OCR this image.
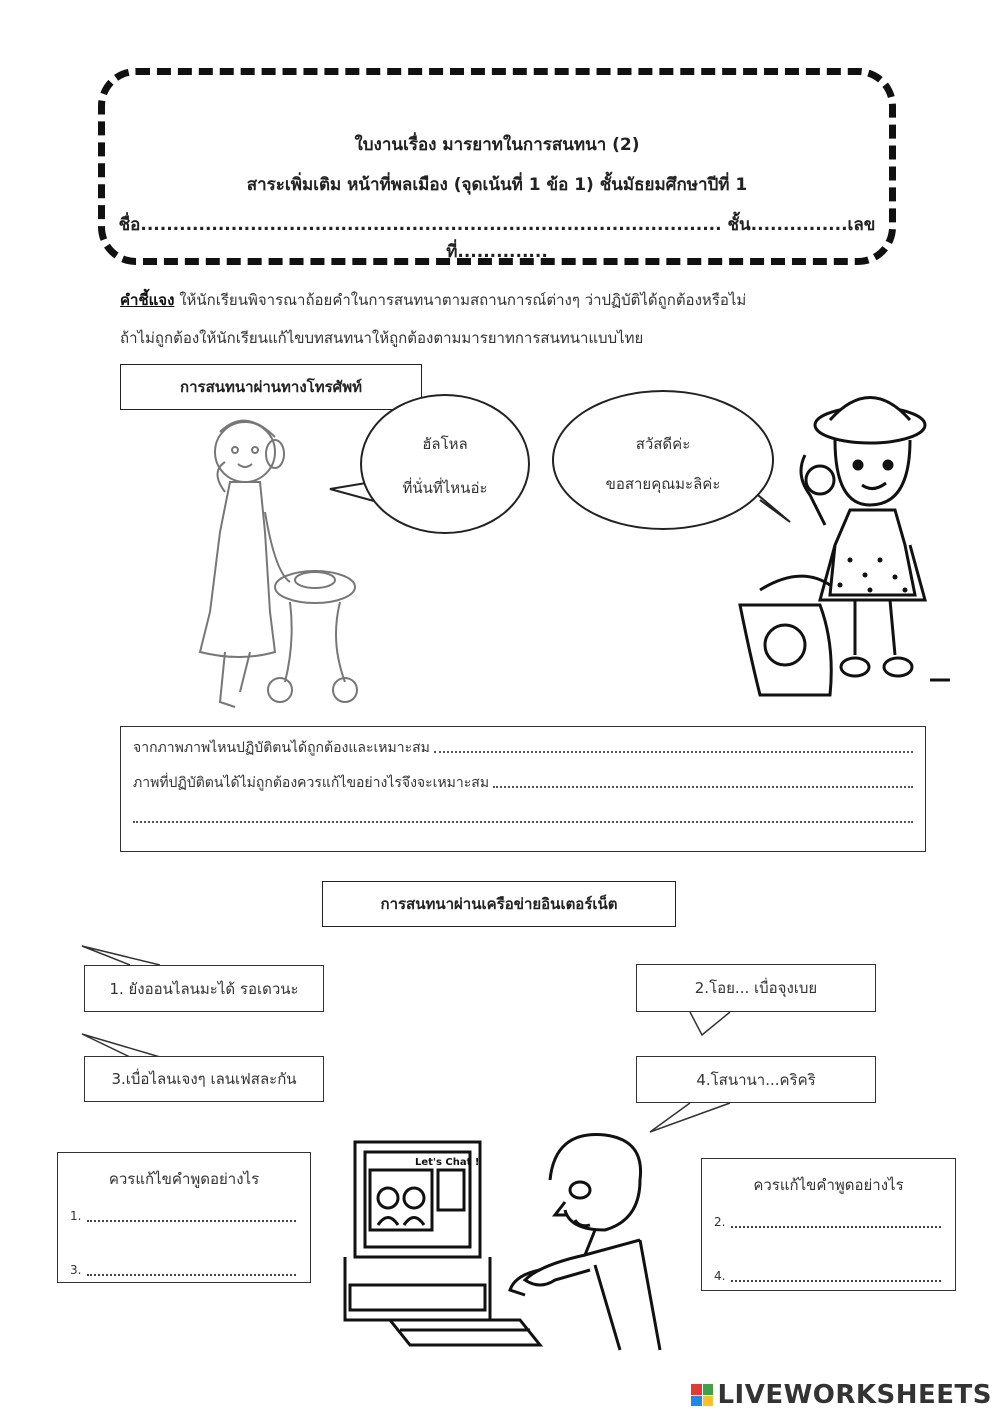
ใบงานเรื่อง มารยาทในการสนทนา (2)
สาระเพิ่มเติม หน้าที่พลเมือง (จุดเน้นที่ 1 ข้อ 1) ชั้นมัธยมศึกษาปีที่ 1
ชื่อ.......................................................................................... ชั้น...............เลขที่..............
คำชี้แจง ให้นักเรียนพิจารณาถ้อยคำในการสนทนาตามสถานการณ์ต่างๆ ว่าปฏิบัติได้ถูกต้องหรือไม่
ถ้าไม่ถูกต้องให้นักเรียนแก้ไขบทสนทนาให้ถูกต้องตามมารยาทการสนทนาแบบไทย
การสนทนาผ่านทางโทรศัพท์
ฮัลโหล
ที่นั่นที่ไหนอ่ะ
สวัสดีค่ะ
ขอสายคุณมะลิค่ะ
จากภาพภาพไหนปฏิบัติตนได้ถูกต้องและเหมาะสม
ภาพที่ปฏิบัติตนได้ไม่ถูกต้องควรแก้ไขอย่างไรจึงจะเหมาะสม
การสนทนาผ่านเครือข่ายอินเตอร์เน็ต
1. ยังออนไลนมะได้ รอเดวนะ	2.โอย... เบื่อจุงเบย
3.เบื่อไลนเจงๆ เลนเฟสละกัน	4.โสนานา...คริคริ
ควรแก้ไขคำพูดอย่างไร
1.
3.
ควรแก้ไขคำพูดอย่างไร
2.
4.
Let's Chat !
LIVEWORKSHEETS
